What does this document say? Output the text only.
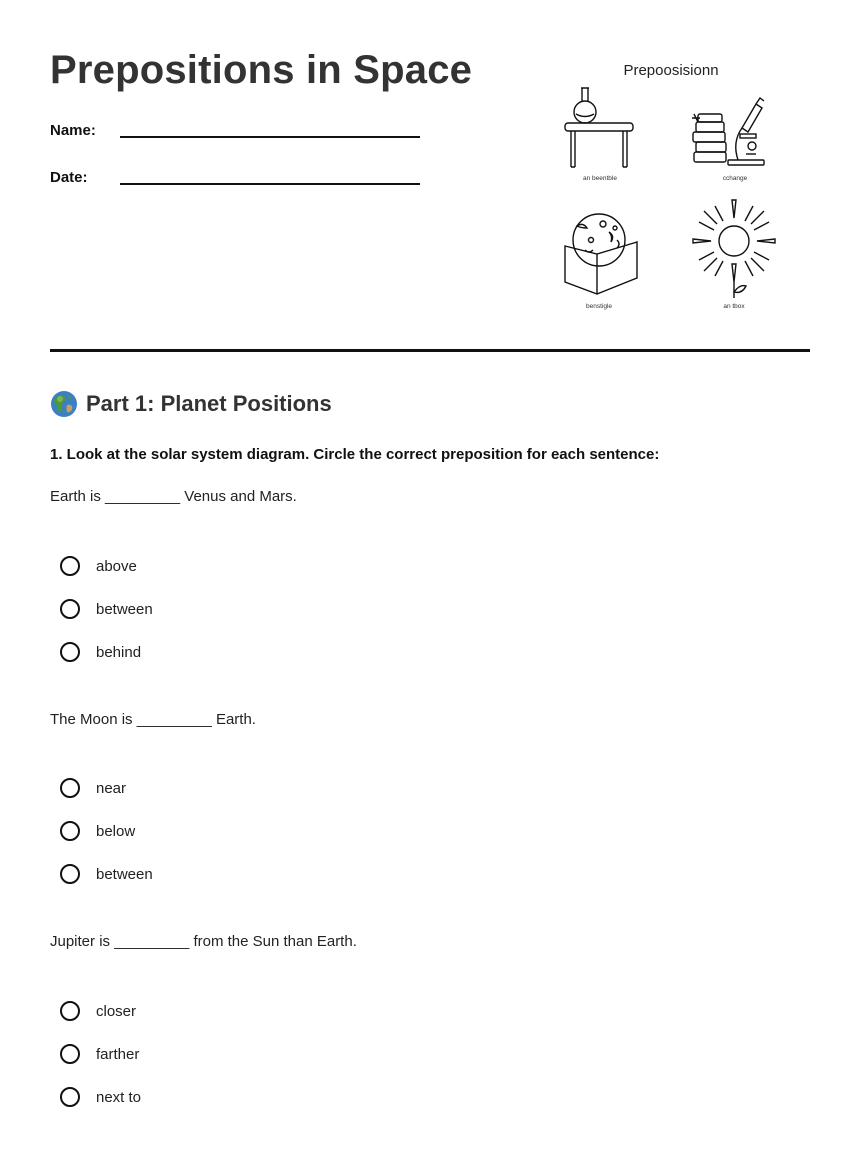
Prepositions in Space
Name:
Date:
Prepoosisionn
an beentble	cchange
benstigle	an tbox
Part 1: Planet Positions
1. Look at the solar system diagram. Circle the correct preposition for each sentence:
Earth is _________ Venus and Mars.
above
between
behind
The Moon is _________ Earth.
near
below
between
Jupiter is _________ from the Sun than Earth.
closer
farther
next to
